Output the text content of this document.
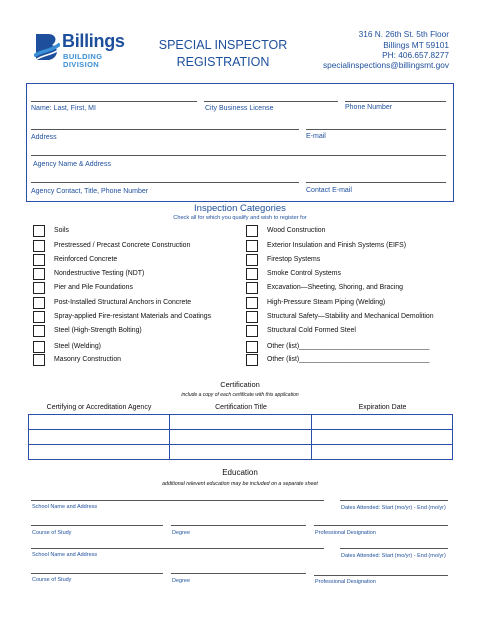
Billings
BUILDING
DIVISION
SPECIAL INSPECTOR
REGISTRATION
316 N. 26th St. 5th Floor
Billings MT 59101
PH: 406.657.8277
specialinspections@billingsmt.gov
Name: Last, First, MI	City Business License	Phone Number
Address	E-mail
Agency Name & Address
Agency Contact, Title, Phone Number	Contact E-mail
Inspection Categories
Check all for which you qualify and wish to register for
Soils
Prestressed / Precast Concrete Construction
Reinforced Concrete
Nondestructive Testing (NDT)
Pier and Pile Foundations
Post-Installed Structural Anchors in Concrete
Spray-applied Fire-resistant Materials and Coatings
Steel (High-Strength Bolting)
Steel (Welding)
Masonry Construction
Wood Construction
Exterior Insulation and Finish Systems (EIFS)
Firestop Systems
Smoke Control Systems
Excavation—Sheeting, Shoring, and Bracing
High-Pressure Steam Piping (Welding)
Structural Safety—Stability and Mechanical Demolition
Structural Cold Formed Steel
Other (list)__________________________________
Other (list)__________________________________
Certification
include a copy of each certificate with this application
Certifying or Accreditation Agency	Certification Title	Expiration Date

Education
additional relevent education may be included on a separate sheet
School Name and Address	Dates Attended: Start (mo/yr) - End (mo/yr)
Course of Study	Degree	Professional Designation
School Name and Address	Dates Attended: Start (mo/yr) - End (mo/yr)
Course of Study	Degree	Professional Designation
